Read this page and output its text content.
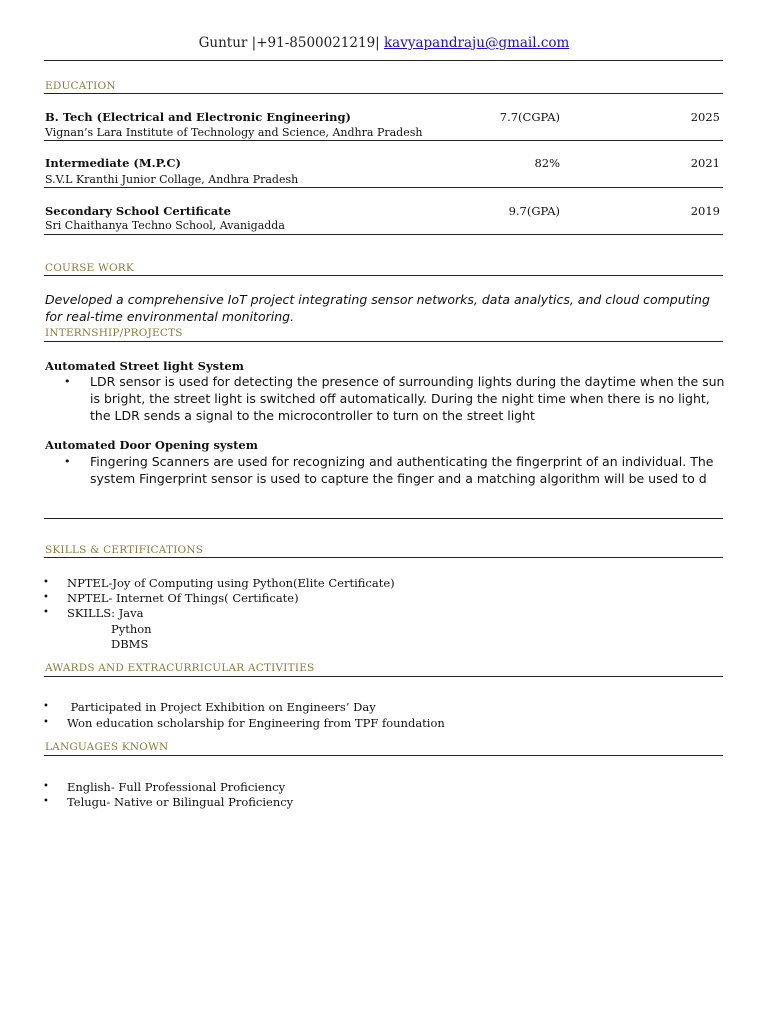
Guntur |+91-8500021219| kavyapandraju@gmail.com
EDUCATION
B. Tech (Electrical and Electronic Engineering)
Vignan’s Lara Institute of Technology and Science, Andhra Pradesh
7.7(CGPA)	2025
Intermediate (M.P.C)
S.V.L Kranthi Junior Collage, Andhra Pradesh
82%	2021
Secondary School Certificate
Sri Chaithanya Techno School, Avanigadda
9.7(GPA)	2019
COURSE WORK
Developed a comprehensive IoT project integrating sensor networks, data analytics, and cloud computing for real-time environmental monitoring.
INTERNSHIP/PROJECTS
Automated Street light System
• LDR sensor is used for detecting the presence of surrounding lights during the daytime when the sun is bright, the street light is switched off automatically. During the night time when there is no light, the LDR sends a signal to the microcontroller to turn on the street light
Automated Door Opening system
• Fingering Scanners are used for recognizing and authenticating the fingerprint of an individual. The system Fingerprint sensor is used to capture the finger and a matching algorithm will be used to d
SKILLS & CERTIFICATIONS
• NPTEL-Joy of Computing using Python(Elite Certificate)
• NPTEL- Internet Of Things( Certificate)
• SKILLS: Java
Python
DBMS
AWARDS AND EXTRACURRICULAR ACTIVITIES
• Participated in Project Exhibition on Engineers’ Day
• Won education scholarship for Engineering from TPF foundation
LANGUAGES KNOWN
• English- Full Professional Proficiency
• Telugu- Native or Bilingual Proficiency
